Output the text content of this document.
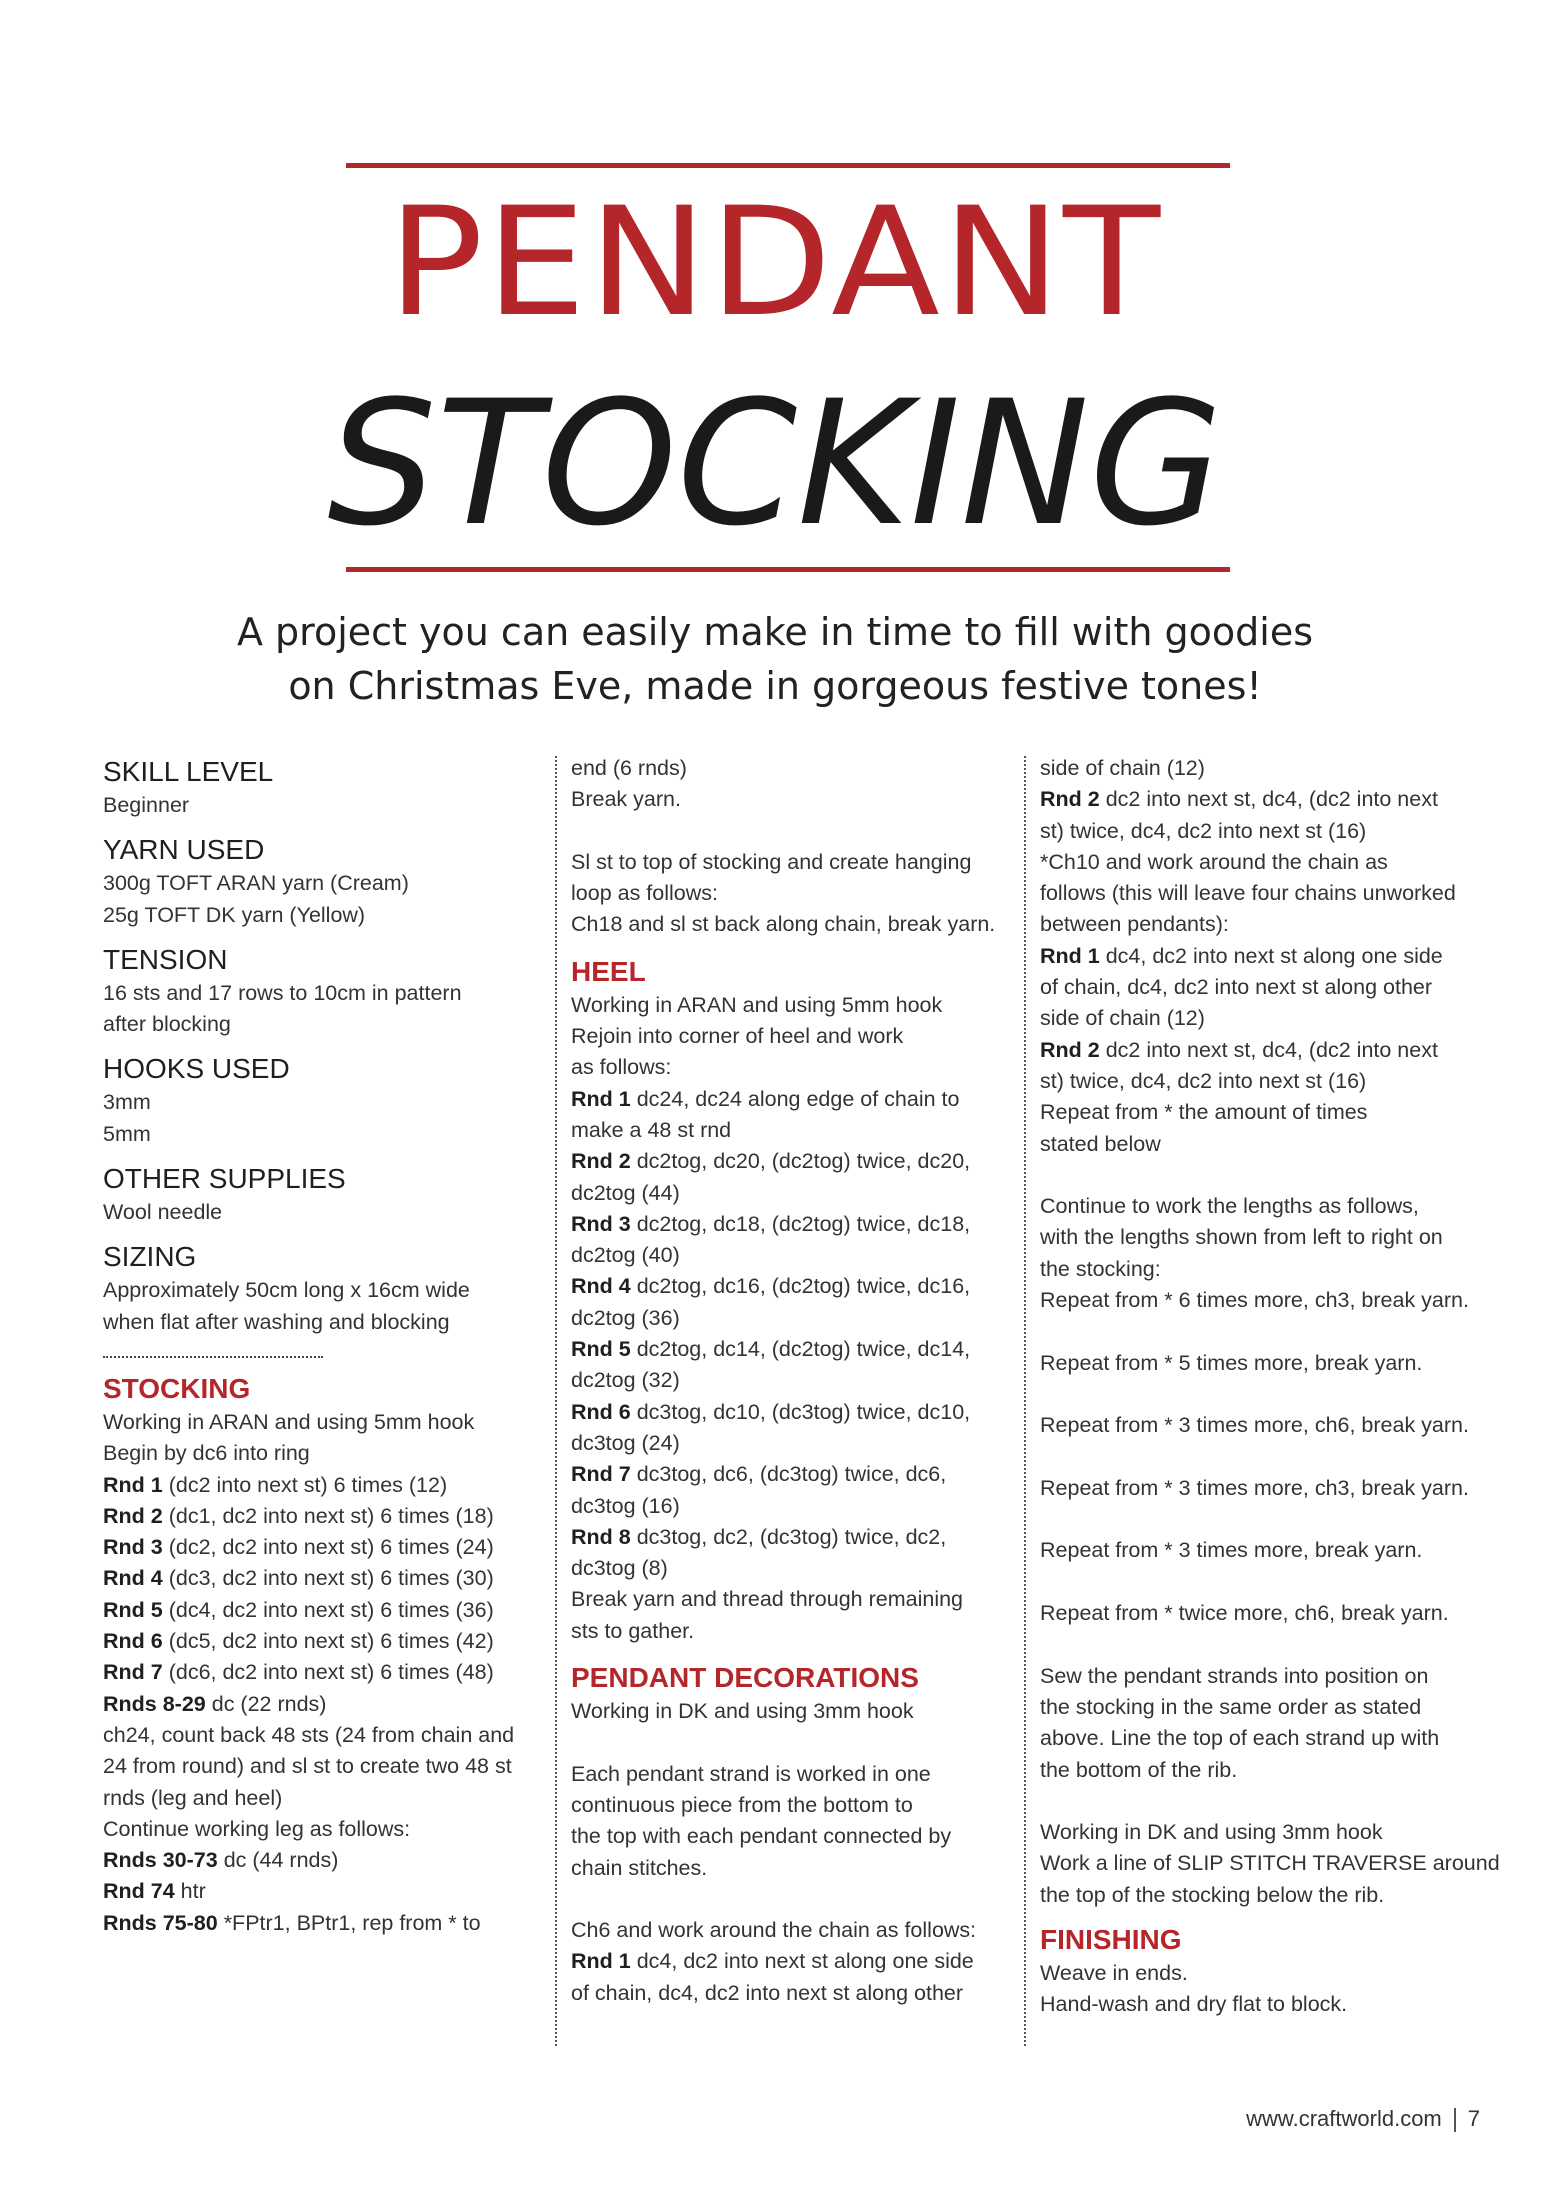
PENDANT
STOCKING
A project you can easily make in time to fill with goodies
on Christmas Eve, made in gorgeous festive tones!
SKILL LEVEL
Beginner
YARN USED
300g TOFT ARAN yarn (Cream)
25g TOFT DK yarn (Yellow)
TENSION
16 sts and 17 rows to 10cm in pattern
after blocking
HOOKS USED
3mm
5mm
OTHER SUPPLIES
Wool needle
SIZING
Approximately 50cm long x 16cm wide
when flat after washing and blocking
STOCKING
Working in ARAN and using 5mm hook
Begin by dc6 into ring
Rnd 1 (dc2 into next st) 6 times (12)
Rnd 2 (dc1, dc2 into next st) 6 times (18)
Rnd 3 (dc2, dc2 into next st) 6 times (24)
Rnd 4 (dc3, dc2 into next st) 6 times (30)
Rnd 5 (dc4, dc2 into next st) 6 times (36)
Rnd 6 (dc5, dc2 into next st) 6 times (42)
Rnd 7 (dc6, dc2 into next st) 6 times (48)
Rnds 8-29 dc (22 rnds)
ch24, count back 48 sts (24 from chain and
24 from round) and sl st to create two 48 st
rnds (leg and heel)
Continue working leg as follows:
Rnds 30-73 dc (44 rnds)
Rnd 74 htr
Rnds 75-80 *FPtr1, BPtr1, rep from * to
end (6 rnds)
Break yarn.
Sl st to top of stocking and create hanging
loop as follows:
Ch18 and sl st back along chain, break yarn.
HEEL
Working in ARAN and using 5mm hook
Rejoin into corner of heel and work
as follows:
Rnd 1 dc24, dc24 along edge of chain to
make a 48 st rnd
Rnd 2 dc2tog, dc20, (dc2tog) twice, dc20,
dc2tog (44)
Rnd 3 dc2tog, dc18, (dc2tog) twice, dc18,
dc2tog (40)
Rnd 4 dc2tog, dc16, (dc2tog) twice, dc16,
dc2tog (36)
Rnd 5 dc2tog, dc14, (dc2tog) twice, dc14,
dc2tog (32)
Rnd 6 dc3tog, dc10, (dc3tog) twice, dc10,
dc3tog (24)
Rnd 7 dc3tog, dc6, (dc3tog) twice, dc6,
dc3tog (16)
Rnd 8 dc3tog, dc2, (dc3tog) twice, dc2,
dc3tog (8)
Break yarn and thread through remaining
sts to gather.
PENDANT DECORATIONS
Working in DK and using 3mm hook
Each pendant strand is worked in one
continuous piece from the bottom to
the top with each pendant connected by
chain stitches.
Ch6 and work around the chain as follows:
Rnd 1 dc4, dc2 into next st along one side
of chain, dc4, dc2 into next st along other
side of chain (12)
Rnd 2 dc2 into next st, dc4, (dc2 into next
st) twice, dc4, dc2 into next st (16)
*Ch10 and work around the chain as
follows (this will leave four chains unworked
between pendants):
Rnd 1 dc4, dc2 into next st along one side
of chain, dc4, dc2 into next st along other
side of chain (12)
Rnd 2 dc2 into next st, dc4, (dc2 into next
st) twice, dc4, dc2 into next st (16)
Repeat from * the amount of times
stated below
Continue to work the lengths as follows,
with the lengths shown from left to right on
the stocking:
Repeat from * 6 times more, ch3, break yarn.
Repeat from * 5 times more, break yarn.
Repeat from * 3 times more, ch6, break yarn.
Repeat from * 3 times more, ch3, break yarn.
Repeat from * 3 times more, break yarn.
Repeat from * twice more, ch6, break yarn.
Sew the pendant strands into position on
the stocking in the same order as stated
above. Line the top of each strand up with
the bottom of the rib.
Working in DK and using 3mm hook
Work a line of SLIP STITCH TRAVERSE around
the top of the stocking below the rib.
FINISHING
Weave in ends.
Hand-wash and dry flat to block.
www.craftworld.com 7
